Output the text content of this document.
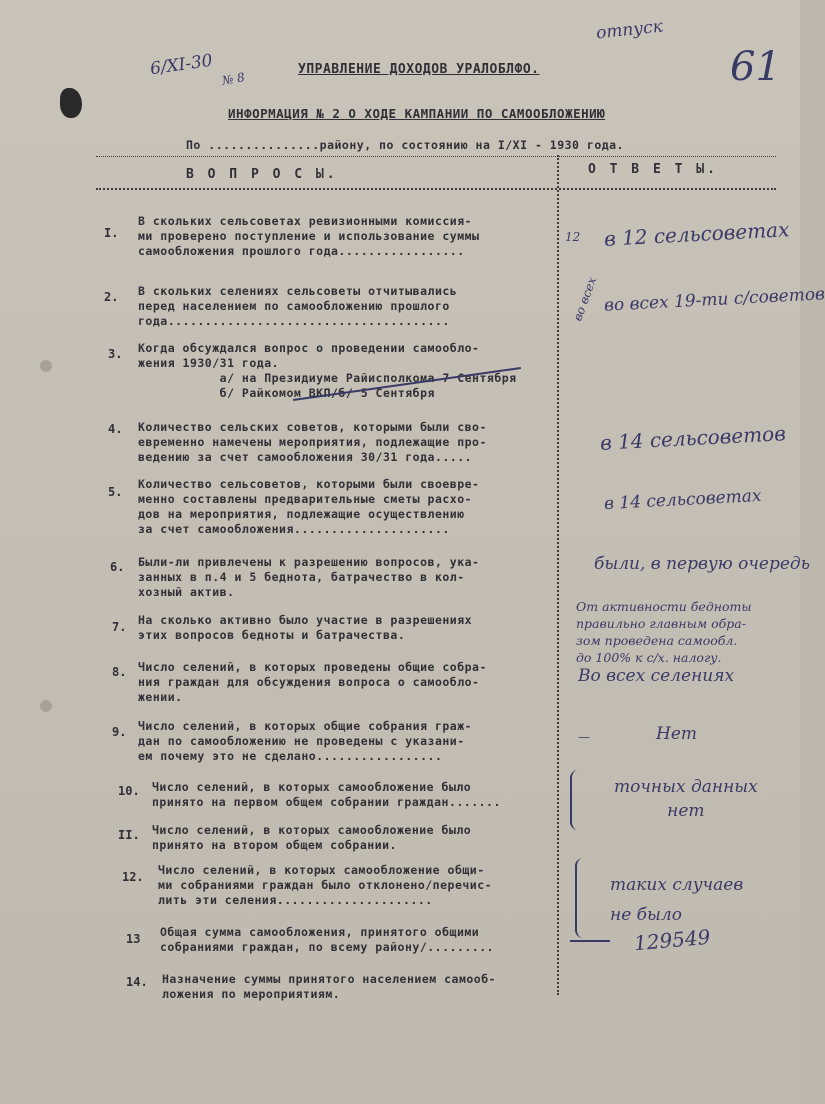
6/XI-30 № 8
отпуск
61
УПРАВЛЕНИЕ ДОХОДОВ УРАЛОБЛФО.
ИНФОРМАЦИЯ № 2 О ХОДЕ КАМПАНИИ ПО САМООБЛОЖЕНИЮ
По ...............району, по состоянию на I/XI - 1930 года.
В О П Р О С Ы.	О Т В Е Т Ы.
I.
В скольких сельсоветах ревизионными комиссия-
ми проверено поступление и использование суммы
самообложения прошлого года.................
2. В скольких селениях сельсоветы отчитывались
перед населением по самообложению прошлого
года......................................
3. Когда обсуждался вопрос о проведении самообло-
жения 1930/31 года.
а/ на Президиуме Райисполкома 7 Сентября
б/ Райкомом ВКП/б/ 5 Сентября
4. Количество сельских советов, которыми были сво-
евременно намечены мероприятия, подлежащие про-
ведению за счет самообложения 30/31 года.....
5.
Количество сельсоветов, которыми были своевре-
менно составлены предварительные сметы расхо-
дов на мероприятия, подлежащие осуществлению
за счет самообложения.....................
6. Были-ли привлечены к разрешению вопросов, ука-
занных в п.4 и 5 беднота, батрачество в кол-
хозный актив.
7. На сколько активно было участие в разрешениях
этих вопросов бедноты и батрачества.
8. Число селений, в которых проведены общие собра-
ния граждан для обсуждения вопроса о самообло-
жении.
9. Число селений, в которых общие собрания граж-
дан по самообложению не проведены с указани-
ем почему это не сделано.................
10. Число селений, в которых самообложение было
принято на первом общем собрании граждан.......
II. Число селений, в которых самообложение было
принято на втором общем собрании.
12. Число селений, в которых самообложение общи-
ми собраниями граждан было отклонено/перечис-
лить эти селения.....................
13 Общая сумма самообложения, принятого общими
собраниями граждан, по всему району/.........
14. Назначение суммы принятого населением самооб-
ложения по мероприятиям.
12
во всех
—
в 12 сельсоветах
во всех 19-ти с/советов
в 14 сельсоветов
в 14 сельсоветах
были, в первую очередь
От активности бедноты
правильно главным обра-
зом проведена самообл.
до 100% к с/х. налогу.
Во всех селениях
Нет
точных данных
нет
таких случаев
не было
129549
